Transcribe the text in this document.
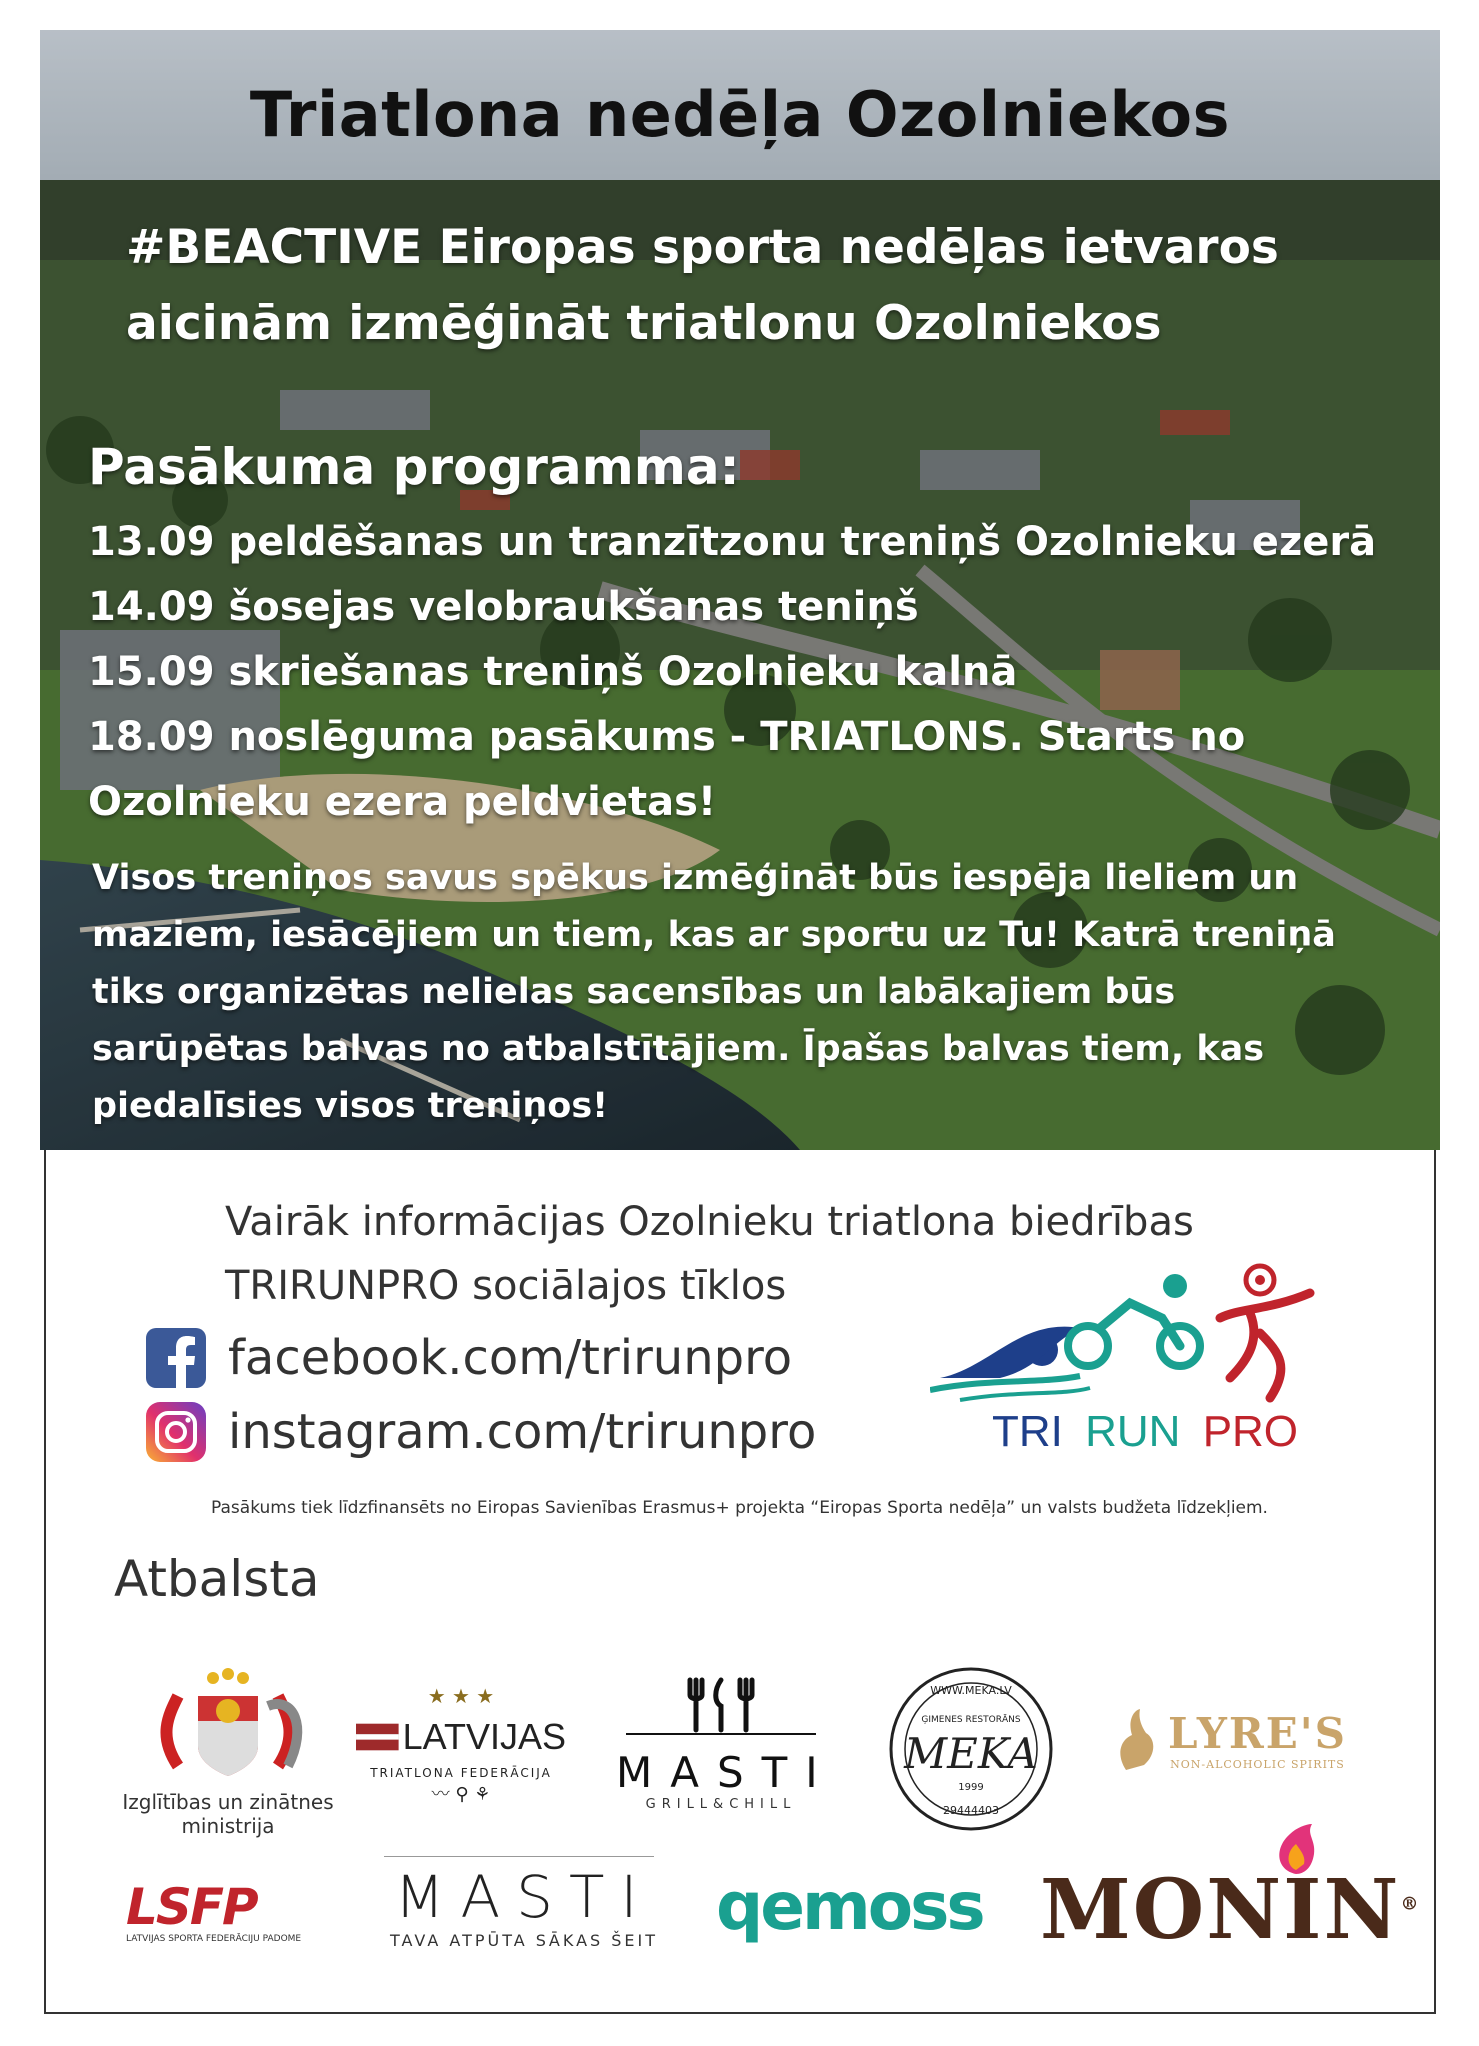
Triatlona nedēļa Ozolniekos
#BEACTIVE Eiropas sporta nedēļas ietvaros
aicinām izmēģināt triatlonu Ozolniekos
Pasākuma programma:
13.09 peldēšanas un tranzītzonu treniņš Ozolnieku ezerā
14.09 šosejas velobraukšanas teniņš
15.09 skriešanas treniņš Ozolnieku kalnā
18.09 noslēguma pasākums - TRIATLONS. Starts no
Ozolnieku ezera peldvietas!
Visos treniņos savus spēkus izmēģināt būs iespēja lieliem un
maziem, iesācējiem un tiem, kas ar sportu uz Tu! Katrā treniņā
tiks organizētas nelielas sacensības un labākajiem būs
sarūpētas balvas no atbalstītājiem. Īpašas balvas tiem, kas
piedalīsies visos treniņos!
Vairāk informācijas Ozolnieku triatlona biedrības
TRIRUNPRO sociālajos tīklos
facebook.com/trirunpro
instagram.com/trirunpro	TRI RUN PRO
Pasākums tiek līdzfinansēts no Eiropas Savienības Erasmus+ projekta “Eiropas Sporta nedēļa” un valsts budžeta līdzekļiem.
Atbalsta
Izglītības un zinātnes
ministrija
★ ★ ★
LATVIJAS
TRIATLONA FEDERĀCIJA
〰 ⚲ ⚘	MASTI
GRILL&CHILL
WWW.MEKA.LV
ĢIMENES RESTORĀNS
MEKA
1999
29444403
LYRE'S
NON-ALCOHOLIC SPIRITS
LSFP
LATVIJAS SPORTA FEDERĀCIJU PADOME
MASTI
TAVA ATPŪTA SĀKAS ŠEIT qemoss MONIN®
